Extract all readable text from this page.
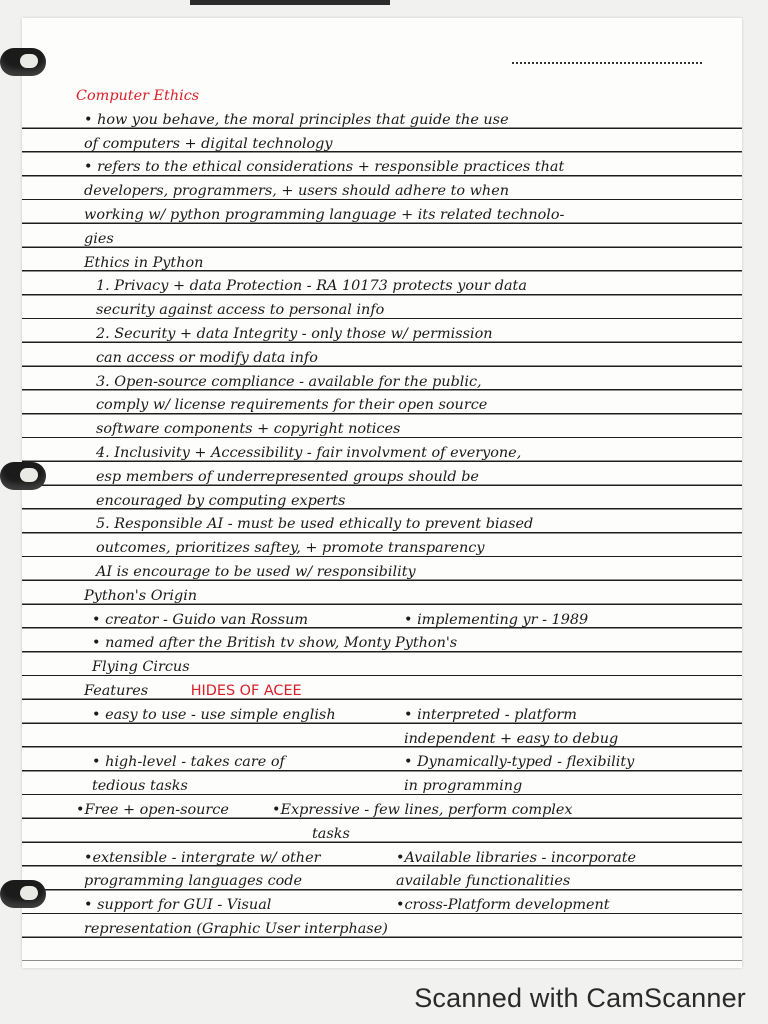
Computer Ethics
• how you behave, the moral principles that guide the use
of computers + digital technology
• refers to the ethical considerations + responsible practices that
developers, programmers, + users should adhere to when
working w/ python programming language + its related technolo-
gies
Ethics in Python
1. Privacy + data Protection - RA 10173 protects your data
security against access to personal info
2. Security + data Integrity - only those w/ permission
can access or modify data info
3. Open-source compliance - available for the public,
comply w/ license requirements for their open source
software components + copyright notices
4. Inclusivity + Accessibility - fair involvment of everyone,
esp members of underrepresented groups should be
encouraged by computing experts
5. Responsible AI - must be used ethically to prevent biased
outcomes, prioritizes saftey, + promote transparency
AI is encourage to be used w/ responsibility
Python's Origin
• creator - Guido van Rossum	• implementing yr - 1989
• named after the British tv show, Monty Python's
Flying Circus
Features	HIDES OF ACEE
• easy to use - use simple english	• interpreted - platform
independent + easy to debug
• high-level - takes care of	• Dynamically-typed - flexibility
tedious tasks	in programming
•Free + open-source	•Expressive - few lines, perform complex
tasks
•extensible - intergrate w/ other	•Available libraries - incorporate
programming languages code	available functionalities
• support for GUI - Visual	•cross-Platform development
representation (Graphic User interphase)
Scanned with CamScanner
